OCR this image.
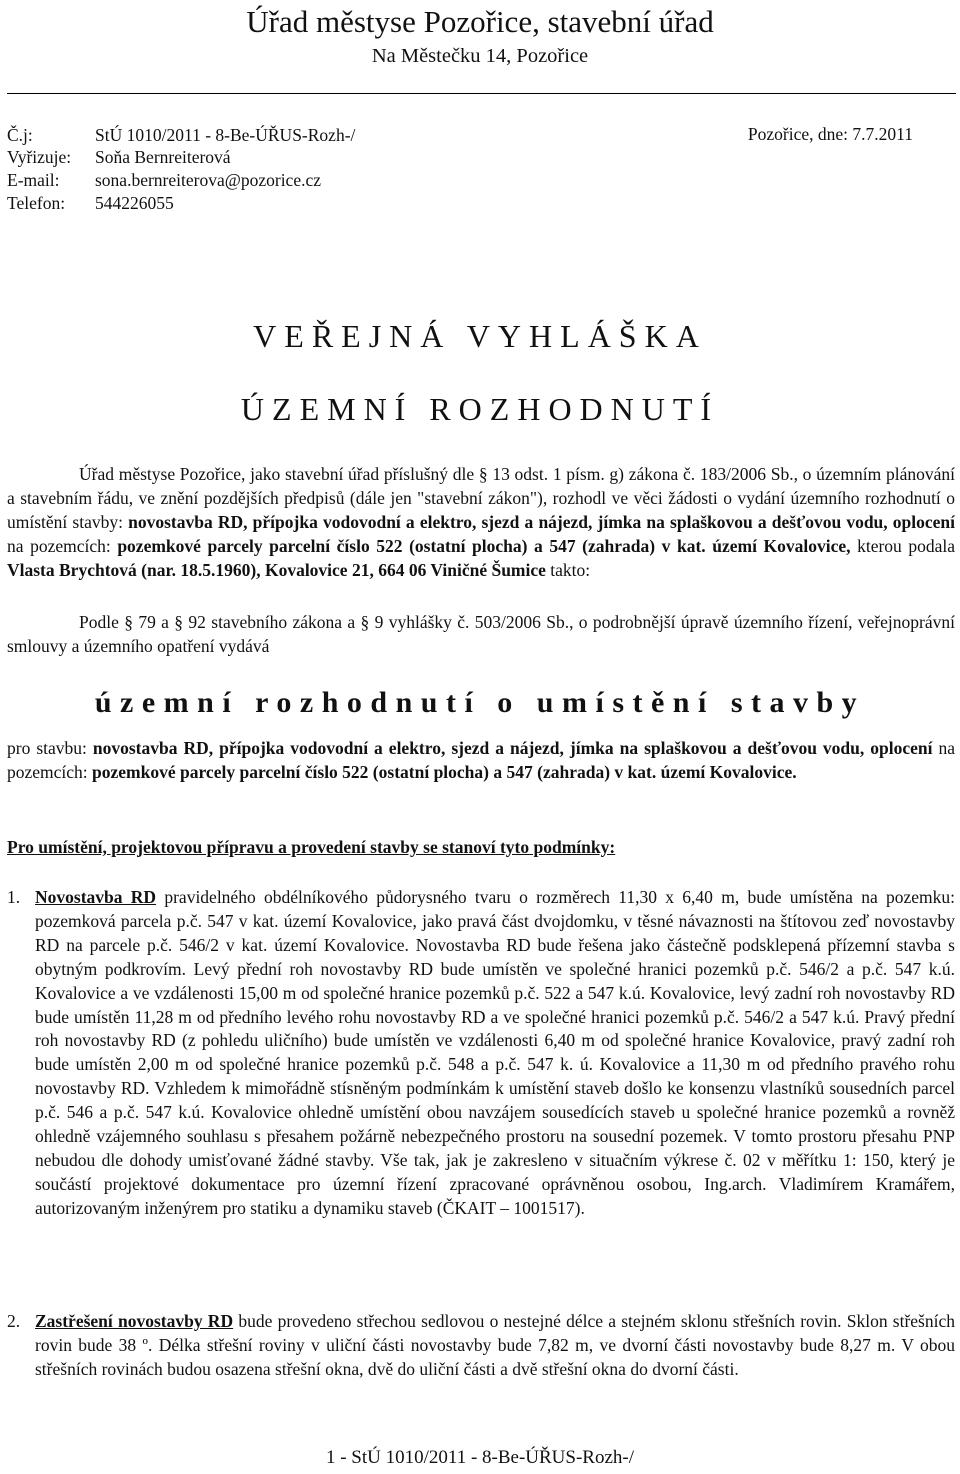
Úřad městyse Pozořice, stavební úřad
Na Městečku 14, Pozořice
Č.j:	StÚ 1010/2011 - 8-Be-ÚŘUS-Rozh-/	Pozořice, dne: 7.7.2011
Vyřizuje: Soňa Bernreiterová
E-mail: sona.bernreiterova@pozorice.cz
Telefon: 544226055
VEŘEJNÁ VYHLÁŠKA
ÚZEMNÍ ROZHODNUTÍ
Úřad městyse Pozořice, jako stavební úřad příslušný dle § 13 odst. 1 písm. g) zákona č. 183/2006 Sb., o územním plánování a stavebním řádu, ve znění pozdějších předpisů (dále jen "stavební zákon"), rozhodl ve věci žádosti o vydání územního rozhodnutí o umístění stavby: novostavba RD, přípojka vodovodní a elektro, sjezd a nájezd, jímka na splaškovou a dešťovou vodu, oplocení na pozemcích: pozemkové parcely parcelní číslo 522 (ostatní plocha) a 547 (zahrada) v kat. území Kovalovice, kterou podala Vlasta Brychtová (nar. 18.5.1960), Kovalovice 21, 664 06 Viničné Šumice takto:
Podle § 79 a § 92 stavebního zákona a § 9 vyhlášky č. 503/2006 Sb., o podrobnější úpravě územního řízení, veřejnoprávní smlouvy a územního opatření vydává
územní rozhodnutí o umístění stavby
pro stavbu: novostavba RD, přípojka vodovodní a elektro, sjezd a nájezd, jímka na splaškovou a dešťovou vodu, oplocení na pozemcích: pozemkové parcely parcelní číslo 522 (ostatní plocha) a 547 (zahrada) v kat. území Kovalovice.
Pro umístění, projektovou přípravu a provedení stavby se stanoví tyto podmínky:
1. Novostavba RD pravidelného obdélníkového půdorysného tvaru o rozměrech 11,30 x 6,40 m, bude umístěna na pozemku: pozemková parcela p.č. 547 v kat. území Kovalovice, jako pravá část dvojdomku, v těsné návaznosti na štítovou zeď novostavby RD na parcele p.č. 546/2 v kat. území Kovalovice. Novostavba RD bude řešena jako částečně podsklepená přízemní stavba s obytným podkrovím. Levý přední roh novostavby RD bude umístěn ve společné hranici pozemků p.č. 546/2 a p.č. 547 k.ú. Kovalovice a ve vzdálenosti 15,00 m od společné hranice pozemků p.č. 522 a 547 k.ú. Kovalovice, levý zadní roh novostavby RD bude umístěn 11,28 m od předního levého rohu novostavby RD a ve společné hranici pozemků p.č. 546/2 a 547 k.ú. Pravý přední roh novostavby RD (z pohledu uličního) bude umístěn ve vzdálenosti 6,40 m od společné hranice Kovalovice, pravý zadní roh bude umístěn 2,00 m od společné hranice pozemků p.č. 548 a p.č. 547 k. ú. Kovalovice a 11,30 m od předního pravého rohu novostavby RD. Vzhledem k mimořádně stísněným podmínkám k umístění staveb došlo ke konsenzu vlastníků sousedních parcel p.č. 546 a p.č. 547 k.ú. Kovalovice ohledně umístění obou navzájem sousedících staveb u společné hranice pozemků a rovněž ohledně vzájemného souhlasu s přesahem požárně nebezpečného prostoru na sousední pozemek. V tomto prostoru přesahu PNP nebudou dle dohody umisťované žádné stavby. Vše tak, jak je zakresleno v situačním výkrese č. 02 v měřítku 1: 150, který je součástí projektové dokumentace pro územní řízení zpracované oprávněnou osobou, Ing.arch. Vladimírem Kramářem, autorizovaným inženýrem pro statiku a dynamiku staveb (ČKAIT – 1001517).
2. Zastřešení novostavby RD bude provedeno střechou sedlovou o nestejné délce a stejném sklonu střešních rovin. Sklon střešních rovin bude 38 º. Délka střešní roviny v uliční části novostavby bude 7,82 m, ve dvorní části novostavby bude 8,27 m. V obou střešních rovinách budou osazena střešní okna, dvě do uliční části a dvě střešní okna do dvorní části.
1 - StÚ 1010/2011 - 8-Be-ÚŘUS-Rozh-/
